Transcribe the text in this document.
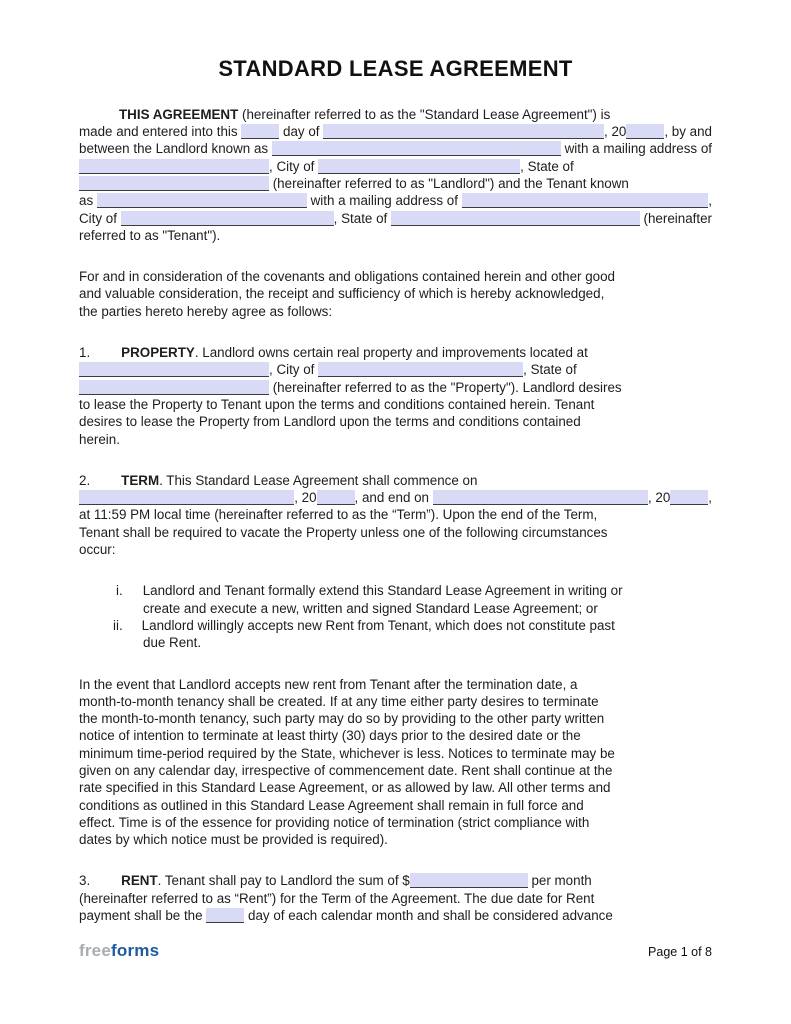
STANDARD LEASE AGREEMENT
THIS AGREEMENT (hereinafter referred to as the "Standard Lease Agreement") is
made and entered into this	day of	, 20	, by and
between the Landlord known as	with a mailing address of
, City of	, State of
(hereinafter referred to as "Landlord") and the Tenant known
as	with a mailing address of	,
City of	, State of	(hereinafter
referred to as "Tenant").
For and in consideration of the covenants and obligations contained herein and other good
and valuable consideration, the receipt and sufficiency of which is hereby acknowledged,
the parties hereto hereby agree as follows:
1. PROPERTY . Landlord owns certain real property and improvements located at
, City of	, State of
(hereinafter referred to as the "Property"). Landlord desires
to lease the Property to Tenant upon the terms and conditions contained herein. Tenant
desires to lease the Property from Landlord upon the terms and conditions contained
herein.
2. TERM . This Standard Lease Agreement shall commence on
, 20	, and end on	, 20	,
at 11:59 PM local time (hereinafter referred to as the “Term”). Upon the end of the Term,
Tenant shall be required to vacate the Property unless one of the following circumstances
occur:
i. Landlord and Tenant formally extend this Standard Lease Agreement in writing or
create and execute a new, written and signed Standard Lease Agreement; or
ii. Landlord willingly accepts new Rent from Tenant, which does not constitute past
due Rent.
In the event that Landlord accepts new rent from Tenant after the termination date, a
month-to-month tenancy shall be created. If at any time either party desires to terminate
the month-to-month tenancy, such party may do so by providing to the other party written
notice of intention to terminate at least thirty (30) days prior to the desired date or the
minimum time-period required by the State, whichever is less. Notices to terminate may be
given on any calendar day, irrespective of commencement date. Rent shall continue at the
rate specified in this Standard Lease Agreement, or as allowed by law. All other terms and
conditions as outlined in this Standard Lease Agreement shall remain in full force and
effect. Time is of the essence for providing notice of termination (strict compliance with
dates by which notice must be provided is required).
3. RENT . Tenant shall pay to Landlord the sum of $	per month
(hereinafter referred to as “Rent”) for the Term of the Agreement. The due date for Rent
payment shall be the	day of each calendar month and shall be considered advance
freeforms	Page 1 of 8
